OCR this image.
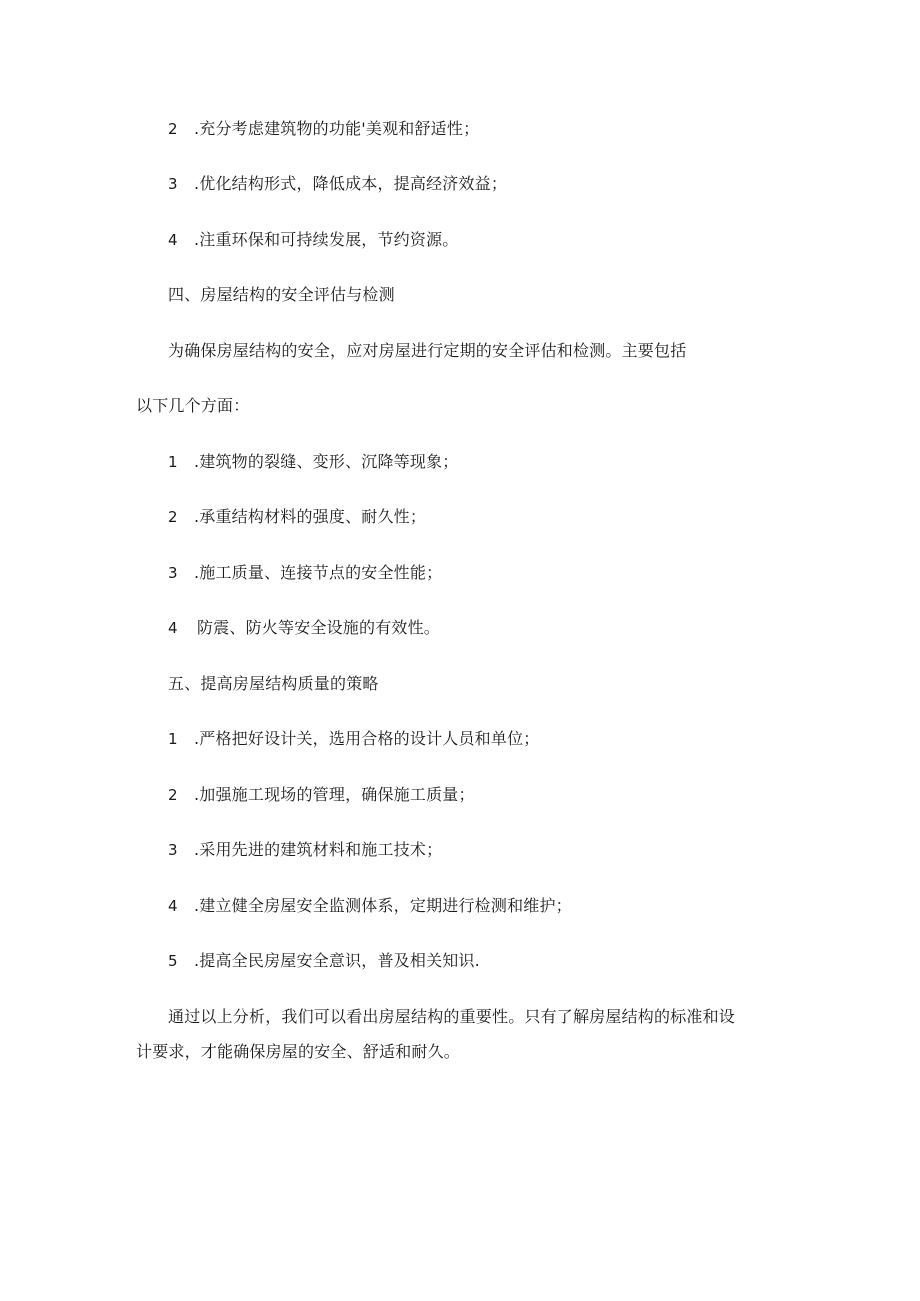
2 .充分考虑建筑物的功能'美观和舒适性；
3 .优化结构形式，降低成本，提高经济效益；
4 .注重环保和可持续发展，节约资源。
四、房屋结构的安全评估与检测
为确保房屋结构的安全，应对房屋进行定期的安全评估和检测。主要包括
以下几个方面：
1 .建筑物的裂缝、变形、沉降等现象；
2 .承重结构材料的强度、耐久性；
3 .施工质量、连接节点的安全性能；
4 防震、防火等安全设施的有效性。
五、提高房屋结构质量的策略
1 .严格把好设计关，选用合格的设计人员和单位；
2 .加强施工现场的管理，确保施工质量；
3 .采用先进的建筑材料和施工技术；
4 .建立健全房屋安全监测体系，定期进行检测和维护；
5 .提高全民房屋安全意识，普及相关知识.
通过以上分析，我们可以看出房屋结构的重要性。只有了解房屋结构的标准和设
计要求，才能确保房屋的安全、舒适和耐久。
